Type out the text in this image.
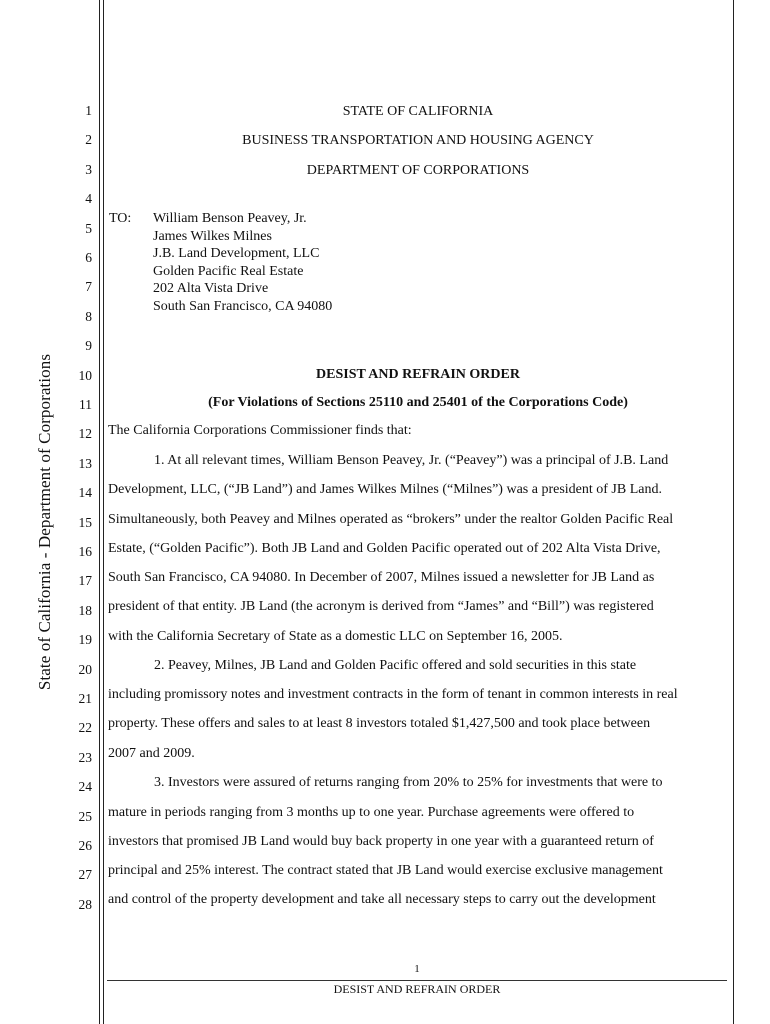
State of California - Department of Corporations
1
2
3
4
5
6
7
8
9
10
11
12
13
14
15
16
17
18
19
20
21
22
23
24
25
26
27
28
STATE OF CALIFORNIA
BUSINESS TRANSPORTATION AND HOUSING AGENCY
DEPARTMENT OF CORPORATIONS
TO: William Benson Peavey, Jr.
James Wilkes Milnes
J.B. Land Development, LLC
Golden Pacific Real Estate
202 Alta Vista Drive
South San Francisco, CA 94080
DESIST AND REFRAIN ORDER
(For Violations of Sections 25110 and 25401 of the Corporations Code)
The California Corporations Commissioner finds that:
1. At all relevant times, William Benson Peavey, Jr. (“Peavey”) was a principal of J.B. Land
Development, LLC, (“JB Land”) and James Wilkes Milnes (“Milnes”) was a president of JB Land.
Simultaneously, both Peavey and Milnes operated as “brokers” under the realtor Golden Pacific Real
Estate, (“Golden Pacific”). Both JB Land and Golden Pacific operated out of 202 Alta Vista Drive,
South San Francisco, CA 94080. In December of 2007, Milnes issued a newsletter for JB Land as
president of that entity. JB Land (the acronym is derived from “James” and “Bill”) was registered
with the California Secretary of State as a domestic LLC on September 16, 2005.
2. Peavey, Milnes, JB Land and Golden Pacific offered and sold securities in this state
including promissory notes and investment contracts in the form of tenant in common interests in real
property. These offers and sales to at least 8 investors totaled $1,427,500 and took place between
2007 and 2009.
3. Investors were assured of returns ranging from 20% to 25% for investments that were to
mature in periods ranging from 3 months up to one year. Purchase agreements were offered to
investors that promised JB Land would buy back property in one year with a guaranteed return of
principal and 25% interest. The contract stated that JB Land would exercise exclusive management
and control of the property development and take all necessary steps to carry out the development
1
DESIST AND REFRAIN ORDER
